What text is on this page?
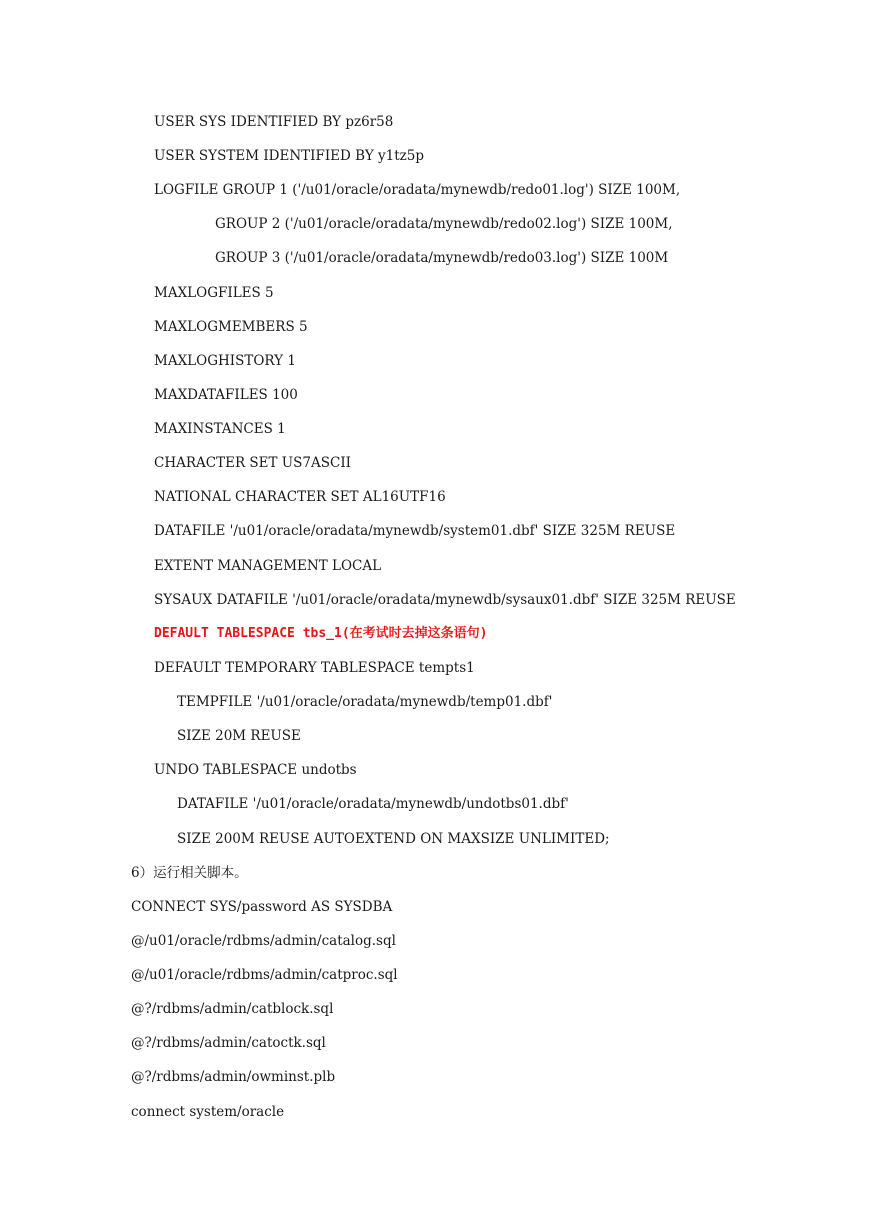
USER SYS IDENTIFIED BY pz6r58
USER SYSTEM IDENTIFIED BY y1tz5p
LOGFILE GROUP 1 ('/u01/oracle/oradata/mynewdb/redo01.log') SIZE 100M,
GROUP 2 ('/u01/oracle/oradata/mynewdb/redo02.log') SIZE 100M,
GROUP 3 ('/u01/oracle/oradata/mynewdb/redo03.log') SIZE 100M
MAXLOGFILES 5
MAXLOGMEMBERS 5
MAXLOGHISTORY 1
MAXDATAFILES 100
MAXINSTANCES 1
CHARACTER SET US7ASCII
NATIONAL CHARACTER SET AL16UTF16
DATAFILE '/u01/oracle/oradata/mynewdb/system01.dbf' SIZE 325M REUSE
EXTENT MANAGEMENT LOCAL
SYSAUX DATAFILE '/u01/oracle/oradata/mynewdb/sysaux01.dbf' SIZE 325M REUSE
DEFAULT TABLESPACE tbs_1(在考试时去掉这条语句)
DEFAULT TEMPORARY TABLESPACE tempts1
TEMPFILE '/u01/oracle/oradata/mynewdb/temp01.dbf'
SIZE 20M REUSE
UNDO TABLESPACE undotbs
DATAFILE '/u01/oracle/oradata/mynewdb/undotbs01.dbf'
SIZE 200M REUSE AUTOEXTEND ON MAXSIZE UNLIMITED;
6）运行相关脚本。
CONNECT SYS/password AS SYSDBA
@/u01/oracle/rdbms/admin/catalog.sql
@/u01/oracle/rdbms/admin/catproc.sql
@?/rdbms/admin/catblock.sql
@?/rdbms/admin/catoctk.sql
@?/rdbms/admin/owminst.plb
connect system/oracle
